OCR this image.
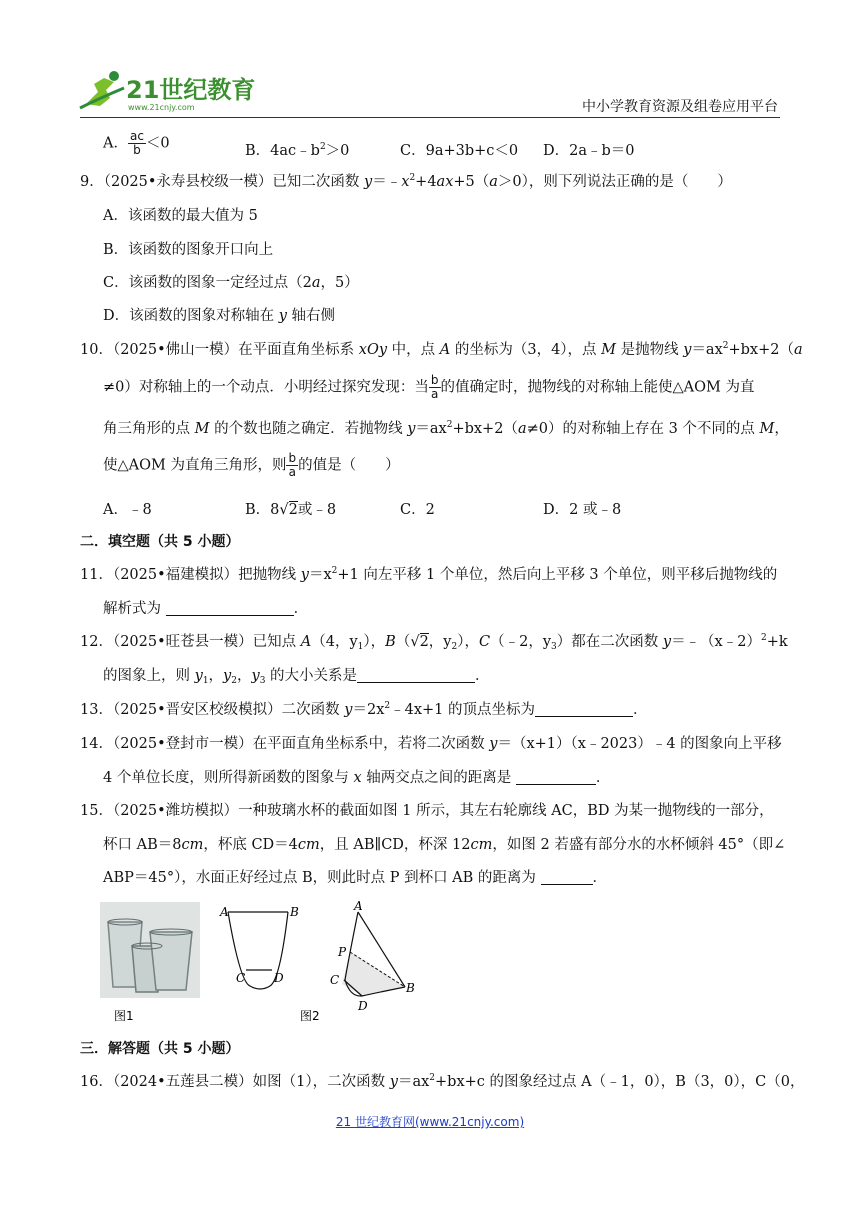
21世纪教育
www.21cnjy.com	中小学教育资源及组卷应用平台
A． $\frac{ac}{b} <0$	B．$4ac﹣b^2>0$	C．9a+3b+c＜0 D．2a﹣b＝0
9．（2025•永寿县校级一模）已知二次函数 $y=﹣x^2+4ax+5(a>0)$，则下列说法正确的是（　　）
A．该函数的最大值为 5
B．该函数的图象开口向上
C．该函数的图象一定经过点（2a，5）
D．该函数的图象对称轴在 y 轴右侧
10．（2025•佛山一模）在平面直角坐标系 xOy 中，点 A 的坐标为（3，4），点 M 是抛物线 $y=ax^2+bx+2(a$
≠0）对称轴上的一个动点．小明经过探究发现：当 $\frac{b}{a}$ 的值确定时，抛物线的对称轴上能使△AOM 为直
角三角形的点 M 的个数也随之确定．若抛物线 $y=ax^2+bx+2(a\ne 0)$的对称轴上存在 3 个不同的点 M，
使△AOM 为直角三角形，则 $\frac{b}{a}$ 的值是（　　）
A．﹣8	B．8√2或﹣8	C．2	D．2 或﹣8
二．填空题（共 5 小题）
11．（2025•福建模拟）把抛物线 $y=x^2+1$ 向左平移 1 个单位，然后向上平移 3 个单位，则平移后抛物线的
解析式为	．
12．（2025•旺苍县一模）已知点 A（4，$y_1$），B（√2，$y_2$），C（﹣2，$y_3$）都在二次函数 y＝﹣（x﹣2）$^2$+k
的图象上，则 $y_1$，$y_2$，$y_3$ 的大小关系是	．
13．（2025•晋安区校级模拟）二次函数 $y=2x^2﹣4x+1$ 的顶点坐标为	．
14．（2025•登封市一模）在平面直角坐标系中，若将二次函数 y＝（x+1）（x﹣2023）﹣4 的图象向上平移
4 个单位长度，则所得新函数的图象与 x 轴两交点之间的距离是	．
15．（2025•潍坊模拟）一种玻璃水杯的截面如图 1 所示，其左右轮廓线 AC，BD 为某一抛物线的一部分，
杯口 AB＝8cm，杯底 CD＝4cm，且 AB∥CD，杯深 12cm，如图 2 若盛有部分水的水杯倾斜 45°（即∠
ABP＝45°），水面正好经过点 B，则此时点 P 到杯口 AB 的距离为	．
图1
A	B
C D
A
P
B
C
D
图2
三．解答题（共 5 小题）
16．（2024•五莲县二模）如图（1），二次函数 $y=ax^2+bx+c$ 的图象经过点 A（﹣1，0），B（3，0），C（0，
21 世纪教育网(www.21cnjy.com)
